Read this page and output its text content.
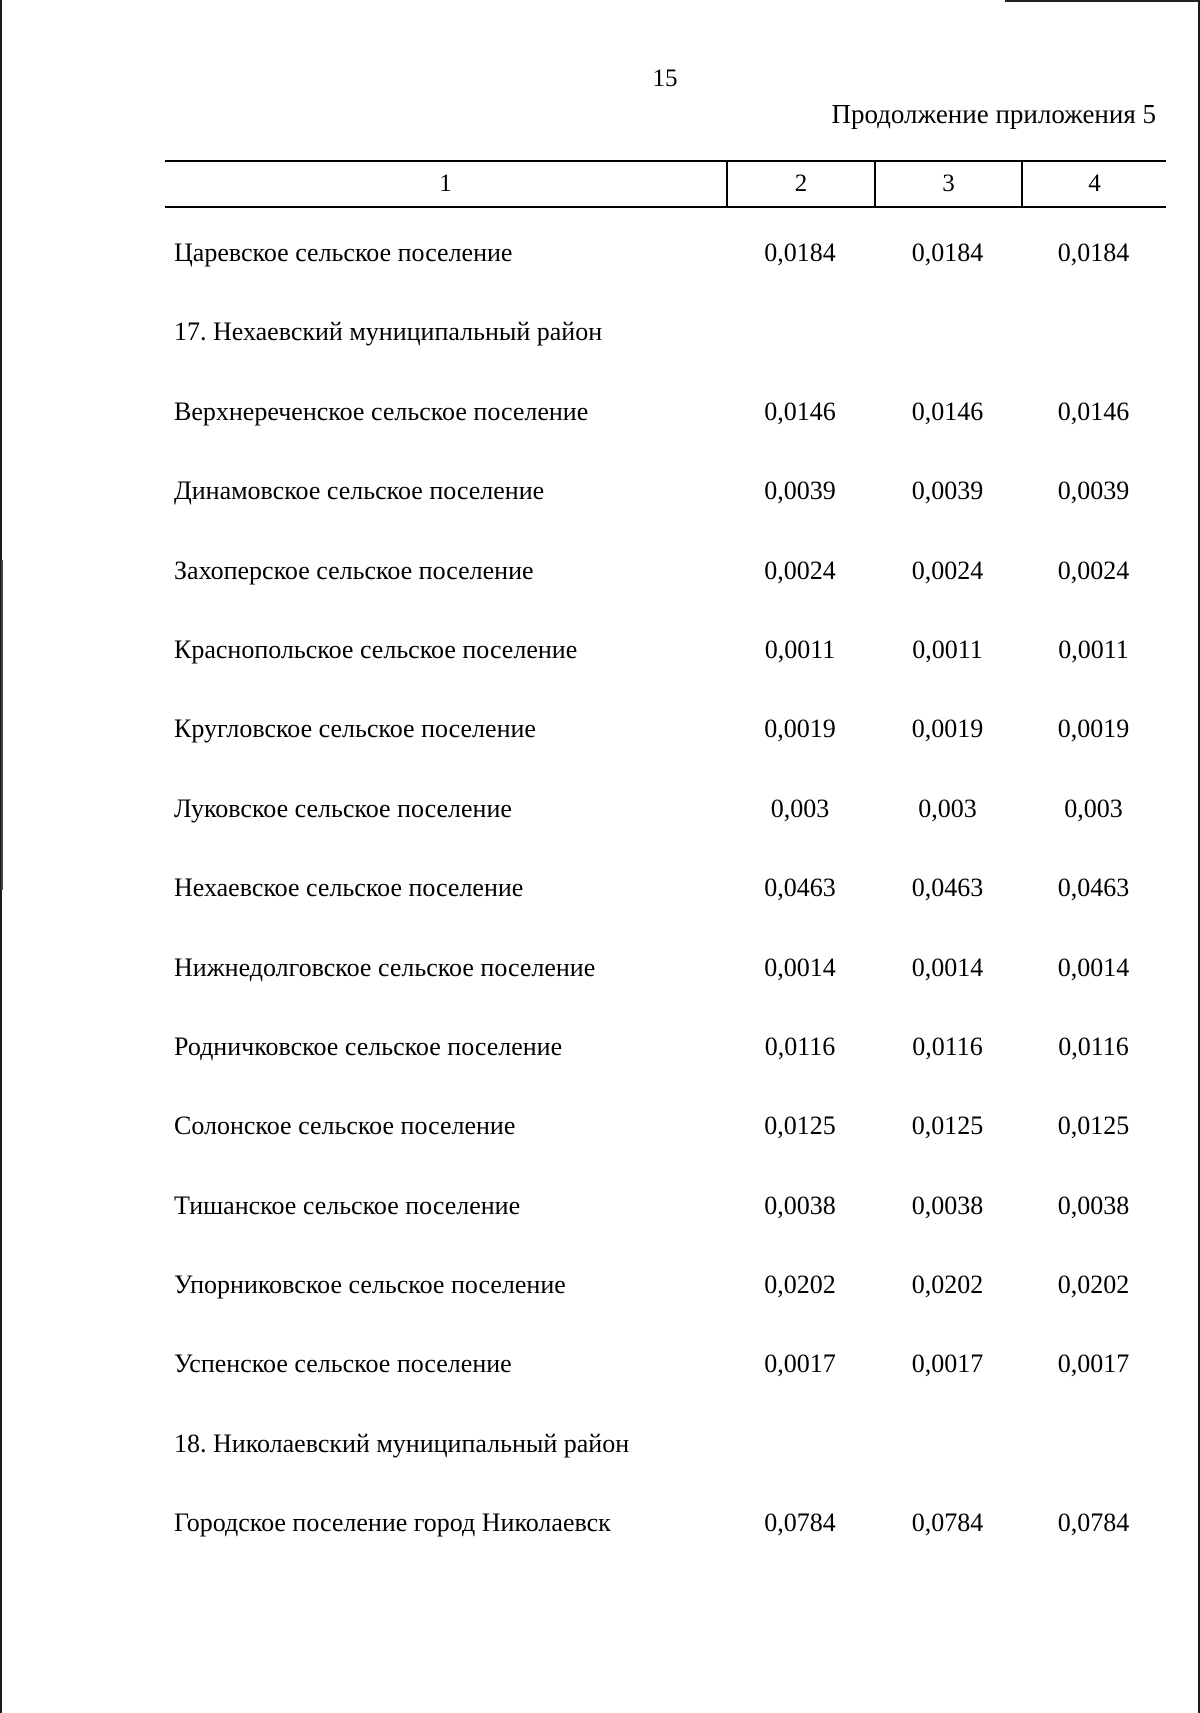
15
Продолжение приложения 5
1	2	3	4
Царевское сельское поселение	0,0184	0,0184	0,0184
17. Нехаевский муниципальный район
Верхнереченское сельское поселение	0,0146	0,0146	0,0146
Динамовское сельское поселение	0,0039	0,0039	0,0039
Захоперское сельское поселение	0,0024	0,0024	0,0024
Краснопольское сельское поселение	0,0011	0,0011	0,0011
Кругловское сельское поселение	0,0019	0,0019	0,0019
Луковское сельское поселение	0,003	0,003	0,003
Нехаевское сельское поселение	0,0463	0,0463	0,0463
Нижнедолговское сельское поселение	0,0014	0,0014	0,0014
Родничковское сельское поселение	0,0116	0,0116	0,0116
Солонское сельское поселение	0,0125	0,0125	0,0125
Тишанское сельское поселение	0,0038	0,0038	0,0038
Упорниковское сельское поселение	0,0202	0,0202	0,0202
Успенское сельское поселение	0,0017	0,0017	0,0017
18. Николаевский муниципальный район
Городское поселение город Николаевск	0,0784	0,0784	0,0784
